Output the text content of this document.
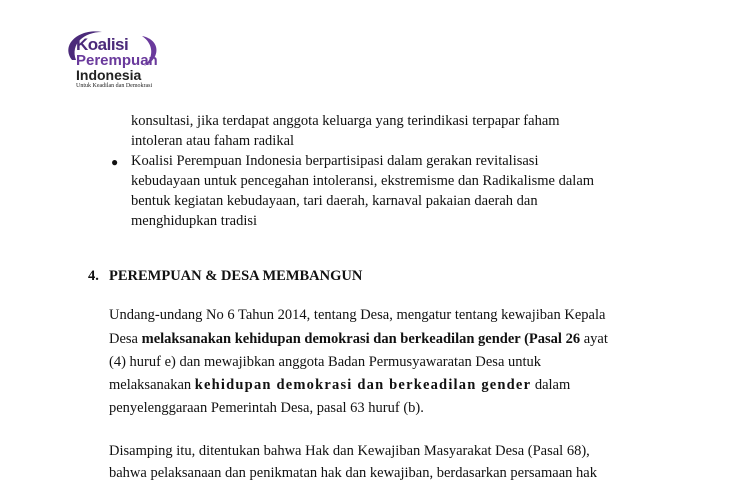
Koalisi
Perempuan
Indonesia
Untuk Keadilan dan Demokrasi
konsultasi, jika terdapat anggota keluarga yang terindikasi terpapar faham
intoleran atau faham radikal
● Koalisi Perempuan Indonesia berpartisipasi dalam gerakan revitalisasi
kebudayaan untuk pencegahan intoleransi, ekstremisme dan Radikalisme dalam
bentuk kegiatan kebudayaan, tari daerah, karnaval pakaian daerah dan
menghidupkan tradisi
4. PEREMPUAN & DESA MEMBANGUN
Undang-undang No 6 Tahun 2014, tentang Desa, mengatur tentang kewajiban Kepala
Desa melaksanakan kehidupan demokrasi dan berkeadilan gender (Pasal 26 ayat
(4) huruf e) dan mewajibkan anggota Badan Permusyawaratan Desa untuk
melaksanakan kehidupan demokrasi dan berkeadilan gender dalam
penyelenggaraan Pemerintah Desa, pasal 63 huruf (b).
Disamping itu, ditentukan bahwa Hak dan Kewajiban Masyarakat Desa (Pasal 68),
bahwa pelaksanaan dan penikmatan hak dan kewajiban, berdasarkan persamaan hak
